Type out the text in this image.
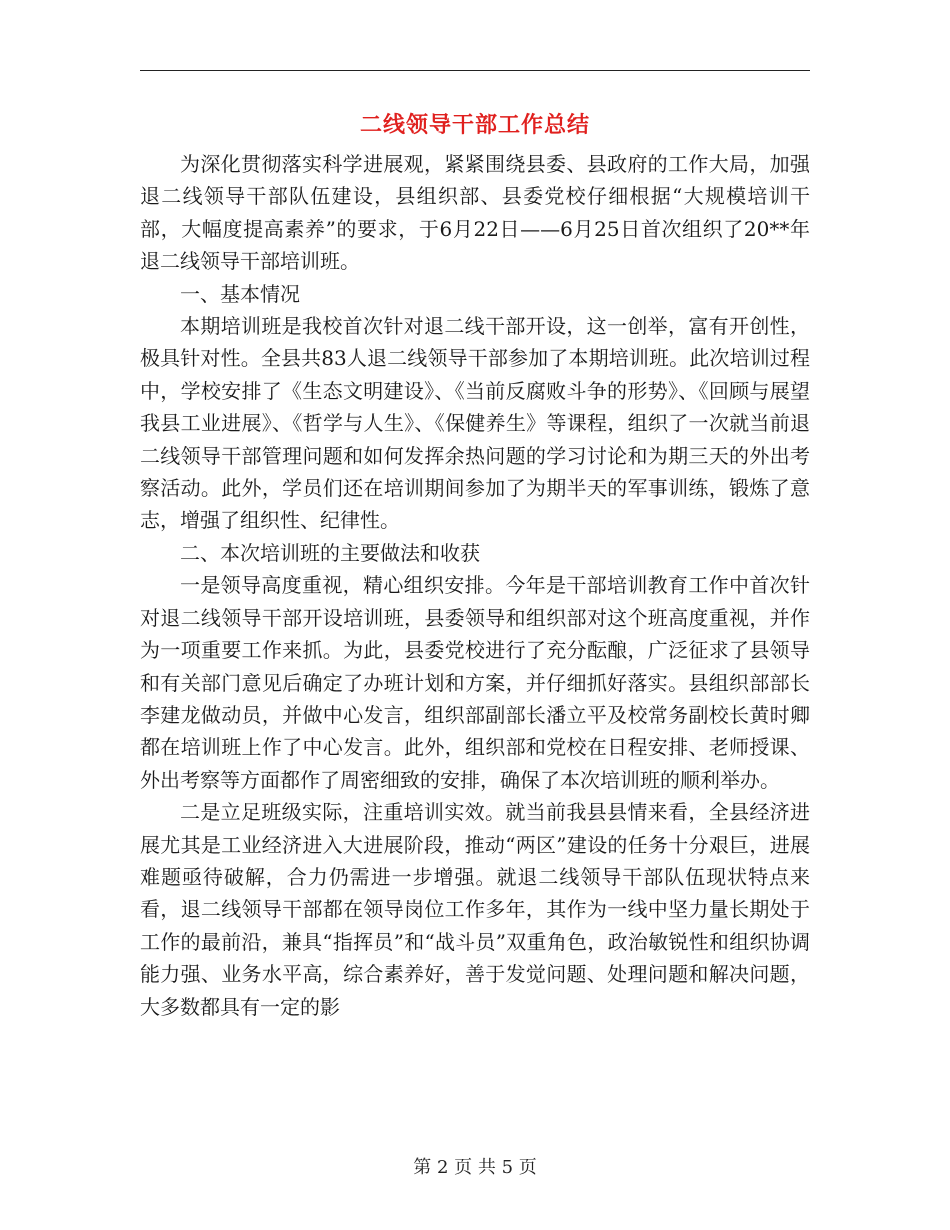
二线领导干部工作总结

为深化贯彻落实科学进展观，紧紧围绕县委、县政府的工作大局，加强退二线领导干部队伍建设，县组织部、县委党校仔细根据“大规模培训干部，大幅度提高素养”的要求，于6月22日——6月25日首次组织了20**年退二线领导干部培训班。

一、基本情况

本期培训班是我校首次针对退二线干部开设，这一创举，富有开创性，极具针对性。全县共83人退二线领导干部参加了本期培训班。此次培训过程中，学校安排了《生态文明建设》、《当前反腐败斗争的形势》、《回顾与展望我县工业进展》、《哲学与人生》、《保健养生》等课程，组织了一次就当前退二线领导干部管理问题和如何发挥余热问题的学习讨论和为期三天的外出考察活动。此外，学员们还在培训期间参加了为期半天的军事训练，锻炼了意志，增强了组织性、纪律性。

二、本次培训班的主要做法和收获

一是领导高度重视，精心组织安排。今年是干部培训教育工作中首次针对退二线领导干部开设培训班，县委领导和组织部对这个班高度重视，并作为一项重要工作来抓。为此，县委党校进行了充分酝酿，广泛征求了县领导和有关部门意见后确定了办班计划和方案，并仔细抓好落实。县组织部部长李建龙做动员，并做中心发言，组织部副部长潘立平及校常务副校长黄时卿都在培训班上作了中心发言。此外，组织部和党校在日程安排、老师授课、外出考察等方面都作了周密细致的安排，确保了本次培训班的顺利举办。

二是立足班级实际，注重培训实效。就当前我县县情来看，全县经济进展尤其是工业经济进入大进展阶段，推动“两区”建设的任务十分艰巨，进展难题亟待破解，合力仍需进一步增强。就退二线领导干部队伍现状特点来看，退二线领导干部都在领导岗位工作多年，其作为一线中坚力量长期处于工作的最前沿，兼具“指挥员”和“战斗员”双重角色，政治敏锐性和组织协调能力强、业务水平高，综合素养好，善于发觉问题、处理问题和解决问题，大多数都具有一定的影

第 2 页 共 5 页
